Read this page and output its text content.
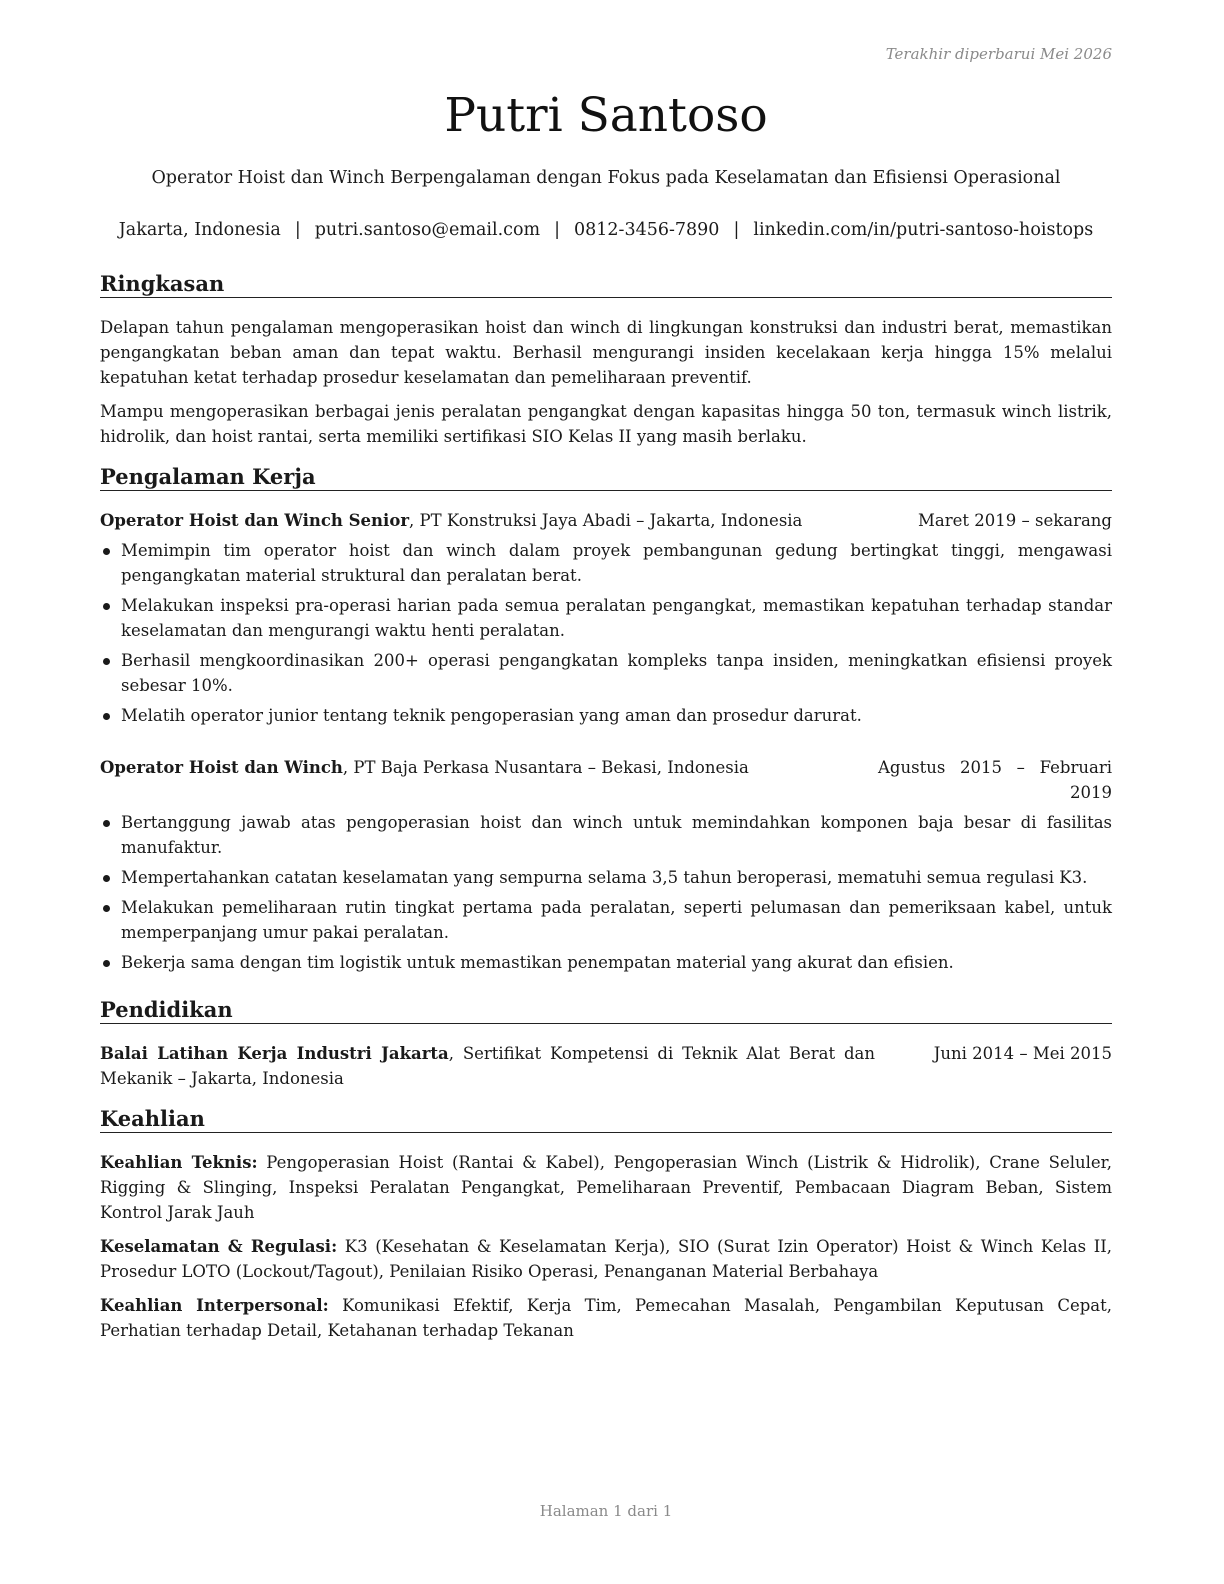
Terakhir diperbarui Mei 2026
Putri Santoso
Operator Hoist dan Winch Berpengalaman dengan Fokus pada Keselamatan dan Efisiensi Operasional
Jakarta, Indonesia | putri.santoso@email.com | 0812-3456-7890 | linkedin.com/in/putri-santoso-hoistops
Ringkasan

Delapan tahun pengalaman mengoperasikan hoist dan winch di lingkungan konstruksi dan industri berat, memastikan pengangkatan beban aman dan tepat waktu. Berhasil mengurangi insiden kecelakaan kerja hingga 15% melalui kepatuhan ketat terhadap prosedur keselamatan dan pemeliharaan preventif.

Mampu mengoperasikan berbagai jenis peralatan pengangkat dengan kapasitas hingga 50 ton, termasuk winch listrik, hidrolik, dan hoist rantai, serta memiliki sertifikasi SIO Kelas II yang masih berlaku.

Pengalaman Kerja
Operator Hoist dan Winch Senior, PT Konstruksi Jaya Abadi – Jakarta, Indonesia	Maret 2019 – sekarang
Memimpin tim operator hoist dan winch dalam proyek pembangunan gedung bertingkat tinggi, mengawasi pengangkatan material struktural dan peralatan berat.
Melakukan inspeksi pra-operasi harian pada semua peralatan pengangkat, memastikan kepatuhan terhadap standar keselamatan dan mengurangi waktu henti peralatan.
Berhasil mengkoordinasikan 200+ operasi pengangkatan kompleks tanpa insiden, meningkatkan efisiensi proyek sebesar 10%.
Melatih operator junior tentang teknik pengoperasian yang aman dan prosedur darurat.
Operator Hoist dan Winch, PT Baja Perkasa Nusantara – Bekasi, Indonesia	Agustus 2015 – Februari 2019
Bertanggung jawab atas pengoperasian hoist dan winch untuk memindahkan komponen baja besar di fasilitas manufaktur.
Mempertahankan catatan keselamatan yang sempurna selama 3,5 tahun beroperasi, mematuhi semua regulasi K3.
Melakukan pemeliharaan rutin tingkat pertama pada peralatan, seperti pelumasan dan pemeriksaan kabel, untuk memperpanjang umur pakai peralatan.
Bekerja sama dengan tim logistik untuk memastikan penempatan material yang akurat dan efisien.
Pendidikan
Balai Latihan Kerja Industri Jakarta, Sertifikat Kompetensi di Teknik Alat Berat dan Mekanik – Jakarta, Indonesia
Juni 2014 – Mei 2015
Keahlian

Keahlian Teknis: Pengoperasian Hoist (Rantai & Kabel), Pengoperasian Winch (Listrik & Hidrolik), Crane Seluler, Rigging & Slinging, Inspeksi Peralatan Pengangkat, Pemeliharaan Preventif, Pembacaan Diagram Beban, Sistem Kontrol Jarak Jauh

Keselamatan & Regulasi: K3 (Kesehatan & Keselamatan Kerja), SIO (Surat Izin Operator) Hoist & Winch Kelas II, Prosedur LOTO (Lockout/Tagout), Penilaian Risiko Operasi, Penanganan Material Berbahaya

Keahlian Interpersonal: Komunikasi Efektif, Kerja Tim, Pemecahan Masalah, Pengambilan Keputusan Cepat, Perhatian terhadap Detail, Ketahanan terhadap Tekanan

Halaman 1 dari 1
